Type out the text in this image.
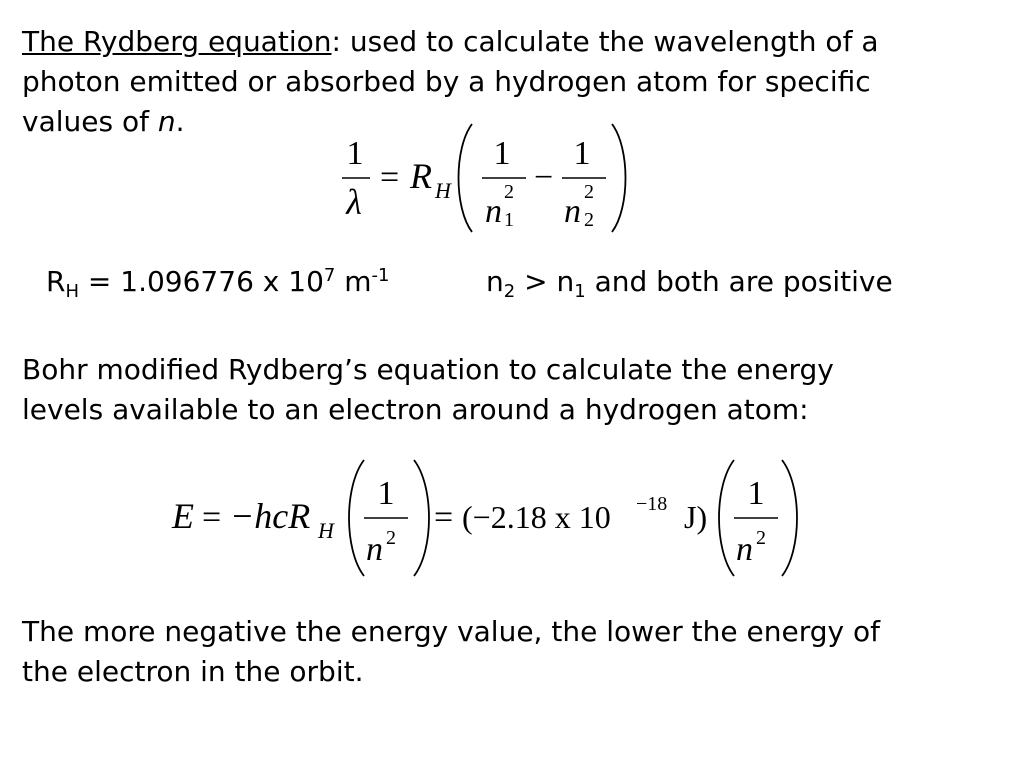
The Rydberg equation: used to calculate the wavelength of a

photon emitted or absorbed by a hydrogen atom for specific

values of n.

1
λ
= R H
1
n
2
1
−
1
n
2
2
$R_H = 1.096776$ x $10^7$ $m^{-1}$	$n_2 > n_1$ and both are positive

Bohr modified Rydberg’s equation to calculate the energy

levels available to an electron around a hydrogen atom:

E = −hcR H
1
n 2
= (−2.18 x 10 −18 J)
1
n 2

The more negative the energy value, the lower the energy of

the electron in the orbit.
